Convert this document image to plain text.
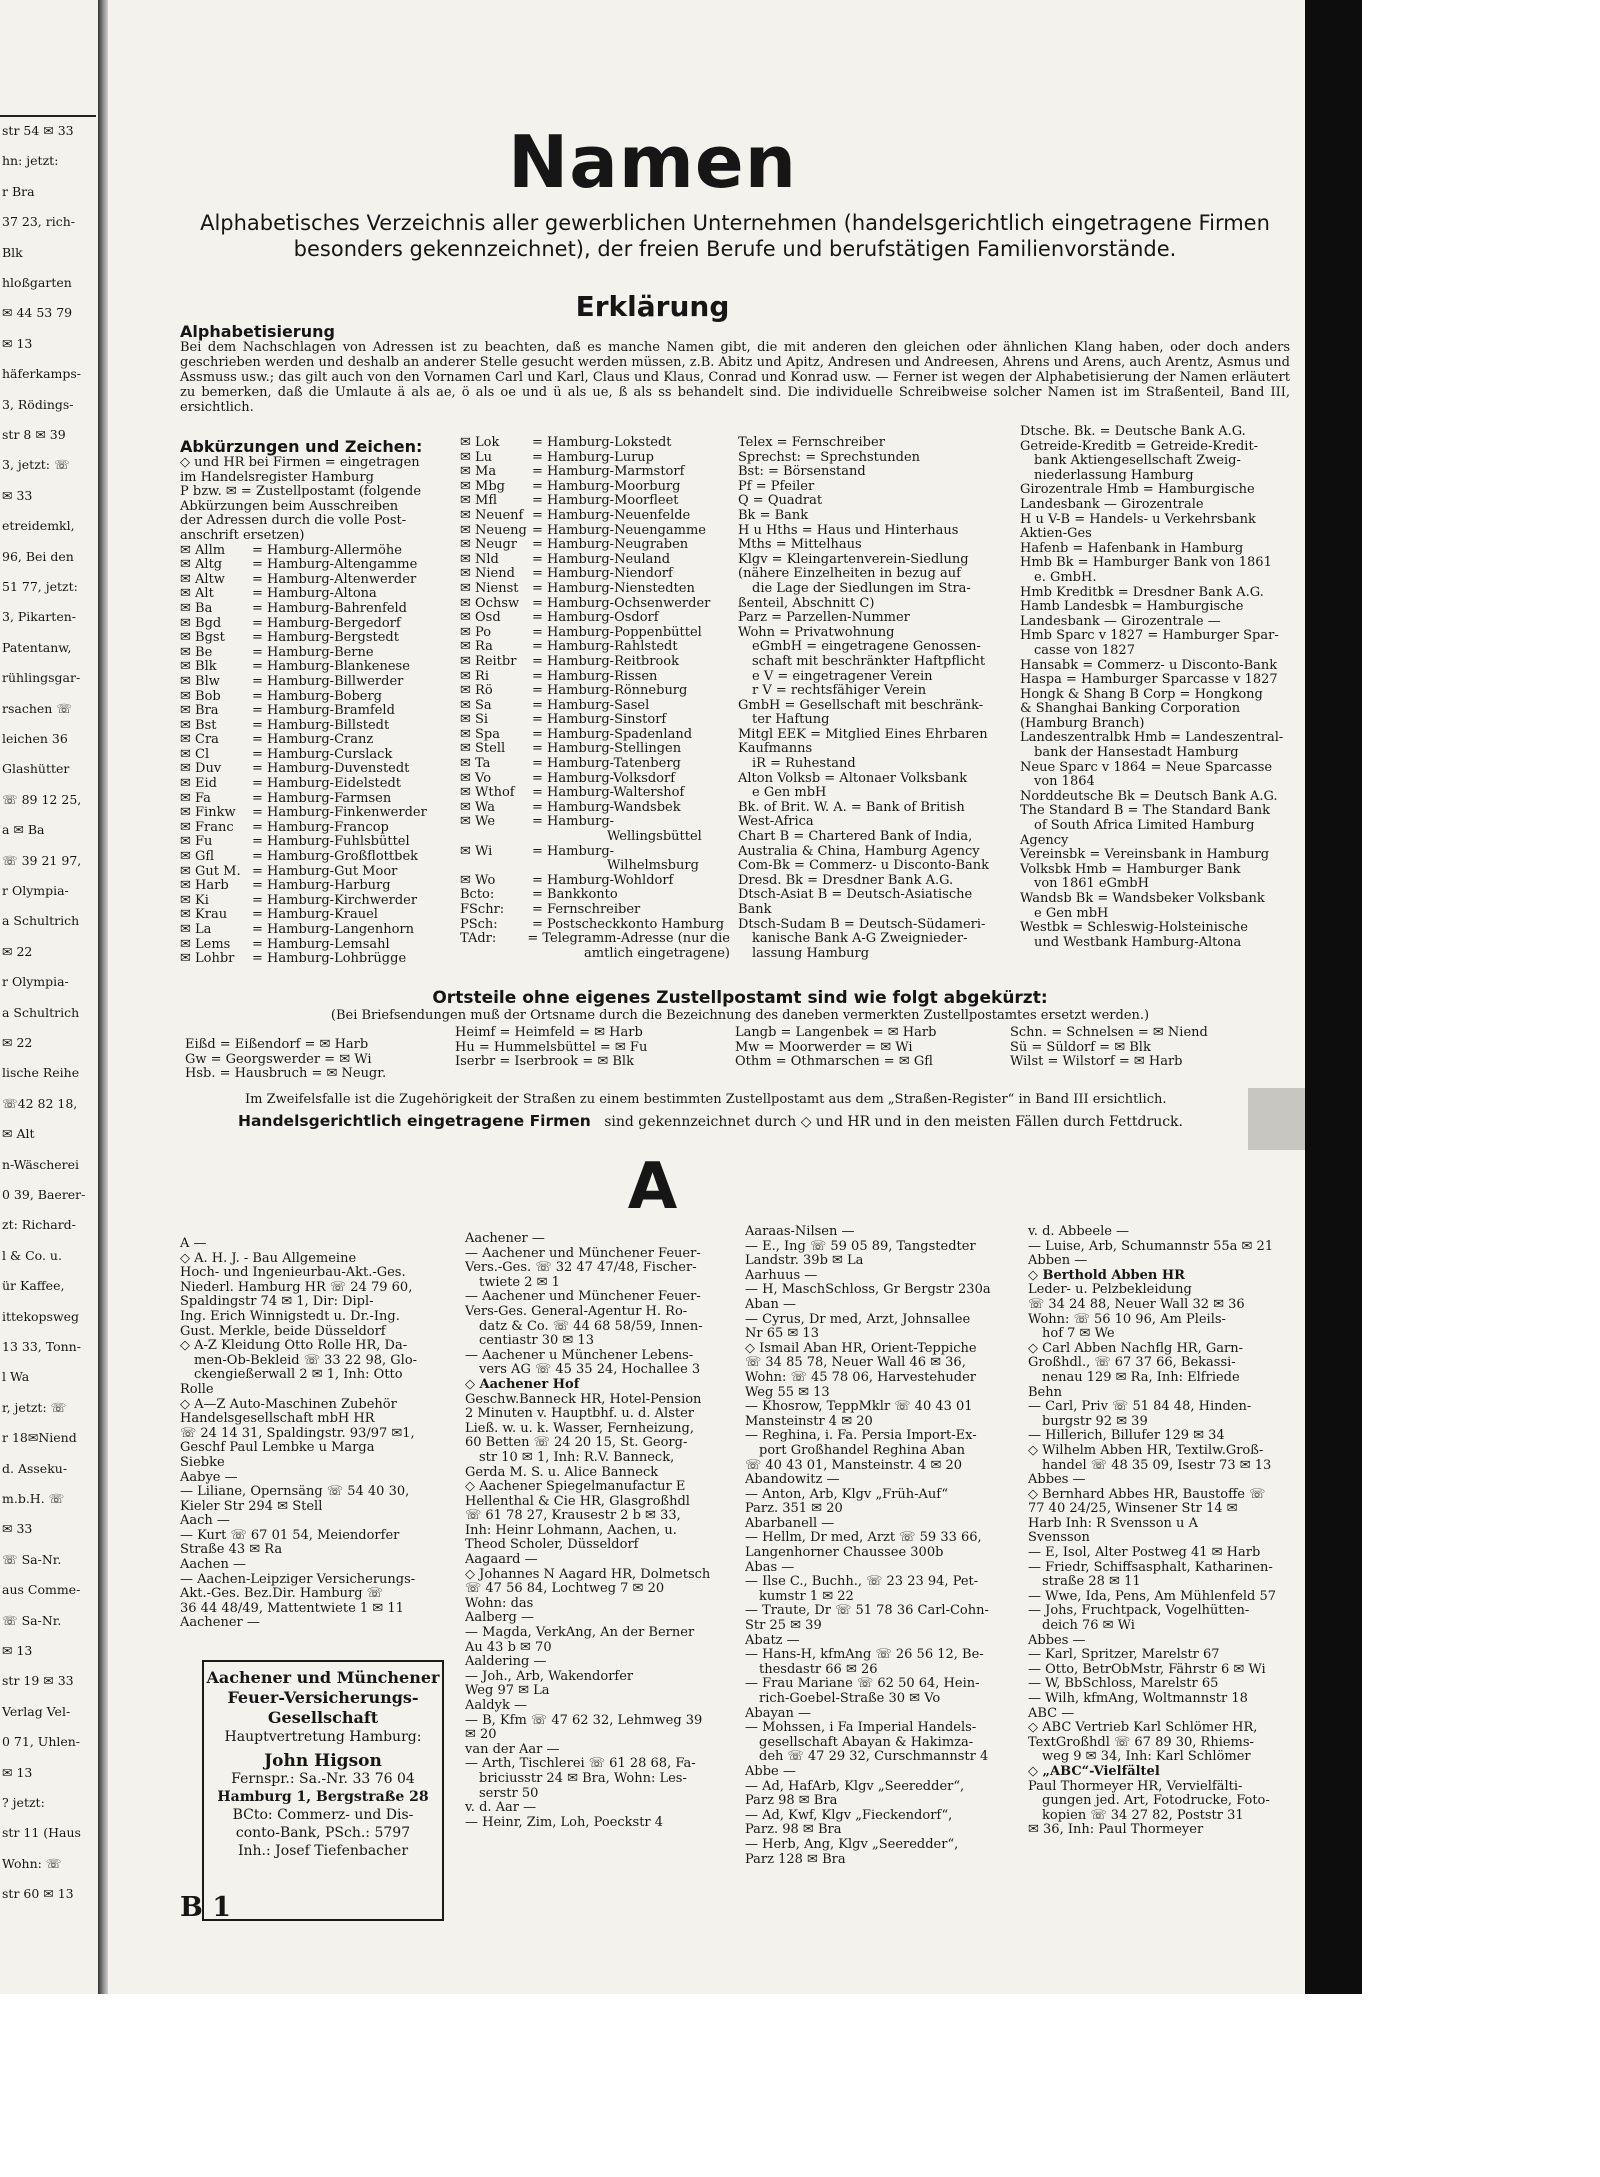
str 54 ✉ 33
hn: jetzt:
r Bra
37 23, rich-
Blk
hloßgarten
✉ 44 53 79
✉ 13
häferkamps-
3, Rödings-
str 8 ✉ 39
3, jetzt: ☏
✉ 33
etreidemkl,
96, Bei den
51 77, jetzt:
3, Pikarten-
Patentanw,
rühlingsgar-
rsachen ☏
leichen 36
Glashütter
☏ 89 12 25,
a ✉ Ba
☏ 39 21 97,
r Olympia-
a Schultrich
✉ 22
r Olympia-
a Schultrich
✉ 22
lische Reihe
☏42 82 18,
✉ Alt
n-Wäscherei
0 39, Baerer-
zt: Richard-
l & Co. u.
ür Kaffee,
ittekopsweg
13 33, Tonn-
l Wa
r, jetzt: ☏
r 18✉Niend
d. Assеku-
m.b.H. ☏
✉ 33
☏ Sa-Nr.
aus Comme-
☏ Sa-Nr.
✉ 13
str 19 ✉ 33
Verlag Vel-
0 71, Uhlen-
✉ 13
? jetzt:
str 11 (Haus
Wohn: ☏
str 60 ✉ 13
Namen
Alphabetisches Verzeichnis aller gewerblichen Unternehmen (handelsgerichtlich eingetragene Firmen besonders gekennzeichnet), der freien Berufe und berufstätigen Familienvorstände.
Erklärung
Alphabetisierung
Bei dem Nachschlagen von Adressen ist zu beachten, daß es manche Namen gibt, die mit anderen den gleichen oder ähnlichen Klang haben, oder doch anders geschrieben werden und deshalb an anderer Stelle gesucht werden müssen, z.B. Abitz und Apitz, Andresen und Andreesen, Ahrens und Arens, auch Arentz, Asmus und Assmuss usw.; das gilt auch von den Vornamen Carl und Karl, Claus und Klaus, Conrad und Konrad usw. — Ferner ist wegen der Alphabetisierung der Namen erläutert zu bemerken, daß die Umlaute ä als ae, ö als oe und ü als ue, ß als ss behandelt sind. Die individuelle Schreibweise solcher Namen ist im Straßenteil, Band III, ersichtlich.
Abkürzungen und Zeichen:
◇ und HR bei Firmen = eingetragen
im Handelsregister Hamburg
P bzw. ✉ = Zustellpostamt (folgende
Abkürzungen beim Ausschreiben
der Adressen durch die volle Post-
anschrift ersetzen)
✉ Allm	= Hamburg-Allermöhe
✉ Altg	= Hamburg-Altengamme
✉ Altw	= Hamburg-Altenwerder
✉ Alt	= Hamburg-Altona
✉ Ba	= Hamburg-Bahrenfeld
✉ Bgd	= Hamburg-Bergedorf
✉ Bgst	= Hamburg-Bergstedt
✉ Be	= Hamburg-Berne
✉ Blk	= Hamburg-Blankenese
✉ Blw	= Hamburg-Billwerder
✉ Bob	= Hamburg-Boberg
✉ Bra	= Hamburg-Bramfeld
✉ Bst	= Hamburg-Billstedt
✉ Cra	= Hamburg-Cranz
✉ Cl	= Hamburg-Curslack
✉ Duv	= Hamburg-Duvenstedt
✉ Eid	= Hamburg-Eidelstedt
✉ Fa	= Hamburg-Farmsen
✉ Finkw	= Hamburg-Finkenwerder
✉ Franc	= Hamburg-Francop
✉ Fu	= Hamburg-Fuhlsbüttel
✉ Gfl	= Hamburg-Großflottbek
✉ Gut M. = Hamburg-Gut Moor
✉ Harb	= Hamburg-Harburg
✉ Ki	= Hamburg-Kirchwerder
✉ Krau	= Hamburg-Krauel
✉ La	= Hamburg-Langenhorn
✉ Lems	= Hamburg-Lemsahl
✉ Lohbr	= Hamburg-Lohbrügge
✉ Lok	= Hamburg-Lokstedt
✉ Lu	= Hamburg-Lurup
✉ Ma	= Hamburg-Marmstorf
✉ Mbg	= Hamburg-Moorburg
✉ Mfl	= Hamburg-Moorfleet
✉ Neuenf = Hamburg-Neuenfelde
✉ Neueng = Hamburg-Neuengamme
✉ Neugr	= Hamburg-Neugraben
✉ Nld	= Hamburg-Neuland
✉ Niend	= Hamburg-Niendorf
✉ Nienst	= Hamburg-Nienstedten
✉ Ochsw = Hamburg-Ochsenwerder
✉ Osd	= Hamburg-Osdorf
✉ Po	= Hamburg-Poppenbüttel
✉ Ra	= Hamburg-Rahlstedt
✉ Reitbr	= Hamburg-Reitbrook
✉ Ri	= Hamburg-Rissen
✉ Rö	= Hamburg-Rönneburg
✉ Sa	= Hamburg-Sasel
✉ Si	= Hamburg-Sinstorf
✉ Spa	= Hamburg-Spadenland
✉ Stell	= Hamburg-Stellingen
✉ Ta	= Hamburg-Tatenberg
✉ Vo	= Hamburg-Volksdorf
✉ Wthof	= Hamburg-Waltershof
✉ Wa	= Hamburg-Wandsbek
✉ We	= Hamburg-
Wellingsbüttel
✉ Wi	= Hamburg-
Wilhelmsburg
✉ Wo	= Hamburg-Wohldorf
Bcto:	= Bankkonto
FSchr:	= Fernschreiber
PSch:	= Postscheckkonto Hamburg
TAdr:	= Telegramm-Adresse (nur die
amtlich eingetragene)
Telex = Fernschreiber
Sprechst: = Sprechstunden
Bst: = Börsenstand
Pf = Pfeiler
Q = Quadrat
Bk = Bank
H u Hths = Haus und Hinterhaus
Mths = Mittelhaus
Klgv = Kleingartenverein-Siedlung
(nähere Einzelheiten in bezug auf
die Lage der Siedlungen im Stra-
ßenteil, Abschnitt C)
Parz = Parzellen-Nummer
Wohn = Privatwohnung
eGmbH = eingetragene Genossen-
schaft mit beschränkter Haftpflicht
e V = eingetragener Verein
r V = rechtsfähiger Verein
GmbH = Gesellschaft mit beschränk-
ter Haftung
Mitgl EEK = Mitglied Eines Ehrbaren
Kaufmanns
iR = Ruhestand
Alton Volksb = Altonaer Volksbank
e Gen mbH
Bk. of Brit. W. A. = Bank of British
West-Africa
Chart B = Chartered Bank of India,
Australia & China, Hamburg Agency
Com-Bk = Commerz- u Disconto-Bank
Dresd. Bk = Dresdner Bank A.G.
Dtsch-Asiat B = Deutsch-Asiatische
Bank
Dtsch-Sudam B = Deutsch-Südameri-
kanische Bank A-G Zweignieder-
lassung Hamburg
Dtsche. Bk. = Deutsche Bank A.G.
Getreide-Kreditb = Getreide-Kredit-
bank Aktiengesellschaft Zweig-
niederlassung Hamburg
Girozentrale Hmb = Hamburgische
Landesbank — Girozentrale
H u V-B = Handels- u Verkehrsbank
Aktien-Ges
Hafenb = Hafenbank in Hamburg
Hmb Bk = Hamburger Bank von 1861
e. GmbH.
Hmb Kreditbk = Dresdner Bank A.G.
Hamb Landesbk = Hamburgische
Landesbank — Girozentrale —
Hmb Sparc v 1827 = Hamburger Spar-
casse von 1827
Hansabk = Commerz- u Disconto-Bank
Haspa = Hamburger Sparcasse v 1827
Hongk & Shang B Corp = Hongkong
& Shanghai Banking Corporation
(Hamburg Branch)
Landeszentralbk Hmb = Landeszentral-
bank der Hansestadt Hamburg
Neue Sparc v 1864 = Neue Sparcasse
von 1864
Norddeutsche Bk = Deutsch Bank A.G.
The Standard B = The Standard Bank
of South Africa Limited Hamburg
Agency
Vereinsbk = Vereinsbank in Hamburg
Volksbk Hmb = Hamburger Bank
von 1861 eGmbH
Wandsb Bk = Wandsbeker Volksbank
e Gen mbH
Westbk = Schleswig-Holsteinische
und Westbank Hamburg-Altona
Ortsteile ohne eigenes Zustellpostamt sind wie folgt abgekürzt:
(Bei Briefsendungen muß der Ortsname durch die Bezeichnung des daneben vermerkten Zustellpostamtes ersetzt werden.)
Eißd = Eißendorf = ✉ Harb
Gw = Georgswerder = ✉ Wi
Hsb. = Hausbruch = ✉ Neugr.
Heimf = Heimfeld = ✉ Harb
Hu = Hummelsbüttel = ✉ Fu
Iserbr = Iserbrook = ✉ Blk
Langb = Langenbek = ✉ Harb
Mw = Moorwerder = ✉ Wi
Othm = Othmarschen = ✉ Gfl
Schn. = Schnelsen = ✉ Niend
Sü = Süldorf = ✉ Blk
Wilst = Wilstorf = ✉ Harb
Im Zweifelsfalle ist die Zugehörigkeit der Straßen zu einem bestimmten Zustellpostamt aus dem „Straßen-Register“ in Band III ersichtlich.
Handelsgerichtlich eingetragene Firmen sind gekennzeichnet durch ◇ und HR und in den meisten Fällen durch Fettdruck.
A
A —
◇ A. H. J. - Bau Allgemeine
Hoch- und Ingenieurbau-Akt.-Ges.
Niederl. Hamburg HR ☏ 24 79 60,
Spaldingstr 74 ✉ 1, Dir: Dipl-
Ing. Erich Winnigstedt u. Dr.-Ing.
Gust. Merkle, beide Düsseldorf
◇ A-Z Kleidung Otto Rolle HR, Da-
men-Ob-Bekleid ☏ 33 22 98, Glo-
ckengießerwall 2 ✉ 1, Inh: Otto
Rolle
◇ A—Z Auto-Maschinen Zubehör
Handelsgesellschaft mbH HR
☏ 24 14 31, Spaldingstr. 93/97 ✉1,
Geschf Paul Lembke u Marga
Siebke
Aabye —
— Liliane, Opernsäng ☏ 54 40 30,
Kieler Str 294 ✉ Stell
Aach —
— Kurt ☏ 67 01 54, Meiendorfer
Straße 43 ✉ Ra
Aachen —
— Aachen-Leipziger Versicherungs-
Akt.-Ges. Bez.Dir. Hamburg ☏
36 44 48/49, Mattentwiete 1 ✉ 11
Aachener —
Aachener und Münchener Feuer-Versicherungs-Gesellschaft
Hauptvertretung Hamburg:
John Higson
Fernspr.: Sa.-Nr. 33 76 04
Hamburg 1, Bergstraße 28
BCto: Commerz- und Dis-
conto-Bank, PSch.: 5797
Inh.: Josef Tiefenbacher
Aachener —
— Aachener und Münchener Feuer-
Vers.-Ges. ☏ 32 47 47/48, Fischer-
twiete 2 ✉ 1
— Aachener und Münchener Feuer-
Vers-Ges. General-Agentur H. Ro-
datz & Co. ☏ 44 68 58/59, Innen-
centiastr 30 ✉ 13
— Aachener u Münchener Lebens-
vers AG ☏ 45 35 24, Hochallee 3
◇ Aachener Hof
Geschw.Banneck HR, Hotel-Pension
2 Minuten v. Hauptbhf. u. d. Alster
Ließ. w. u. k. Wasser, Fernheizung,
60 Betten ☏ 24 20 15, St. Georg-
str 10 ✉ 1, Inh: R.V. Banneck,
Gerda M. S. u. Alice Banneck
◇ Aachener Spiegelmanufactur E
Hellenthal & Cie HR, Glasgroßhdl
☏ 61 78 27, Krausestr 2 b ✉ 33,
Inh: Heinr Lohmann, Aachen, u.
Theod Scholer, Düsseldorf
Aagaard —
◇ Johannes N Aagard HR, Dolmetsch
☏ 47 56 84, Lochtweg 7 ✉ 20
Wohn: das
Aalberg —
— Magda, VerkAng, An der Berner
Au 43 b ✉ 70
Aaldering —
— Joh., Arb, Wakendorfer
Weg 97 ✉ La
Aaldyk —
— B, Kfm ☏ 47 62 32, Lehmweg 39
✉ 20
van der Aar —
— Arth, Tischlerei ☏ 61 28 68, Fa-
briciusstr 24 ✉ Bra, Wohn: Les-
serstr 50
v. d. Aar —
— Heinr, Zim, Loh, Poeckstr 4
Aaraas-Nilsen —
— E., Ing ☏ 59 05 89, Tangstedter
Landstr. 39b ✉ La
Aarhuus —
— H, MaschSchloss, Gr Bergstr 230a
Aban —
— Cyrus, Dr med, Arzt, Johnsallee
Nr 65 ✉ 13
◇ Ismail Aban HR, Orient-Teppiche
☏ 34 85 78, Neuer Wall 46 ✉ 36,
Wohn: ☏ 45 78 06, Harvestehuder
Weg 55 ✉ 13
— Khosrow, TeppMklr ☏ 40 43 01
Mansteinstr 4 ✉ 20
— Reghina, i. Fa. Persia Import-Ex-
port Großhandel Reghina Aban
☏ 40 43 01, Mansteinstr. 4 ✉ 20
Abandowitz —
— Anton, Arb, Klgv „Früh-Auf“
Parz. 351 ✉ 20
Abarbanell —
— Hellm, Dr med, Arzt ☏ 59 33 66,
Langenhorner Chaussee 300b
Abas —
— Ilse C., Buchh., ☏ 23 23 94, Pet-
kumstr 1 ✉ 22
— Traute, Dr ☏ 51 78 36 Carl-Cohn-
Str 25 ✉ 39
Abatz —
— Hans-H, kfmAng ☏ 26 56 12, Be-
thesdastr 66 ✉ 26
— Frau Mariane ☏ 62 50 64, Hein-
rich-Goebel-Straße 30 ✉ Vo
Abayan —
— Mohssen, i Fa Imperial Handels-
gesellschaft Abayan & Hakimza-
deh ☏ 47 29 32, Curschmannstr 4
Abbe —
— Ad, HafArb, Klgv „Seeredder“,
Parz 98 ✉ Bra
— Ad, Kwf, Klgv „Fieckendorf“,
Parz. 98 ✉ Bra
— Herb, Ang, Klgv „Seeredder“,
Parz 128 ✉ Bra
v. d. Abbeele —
— Luise, Arb, Schumannstr 55a ✉ 21
Abben —
◇ Berthold Abben HR
Leder- u. Pelzbekleidung
☏ 34 24 88, Neuer Wall 32 ✉ 36
Wohn: ☏ 56 10 96, Am Pleils-
hof 7 ✉ We
◇ Carl Abben Nachflg HR, Garn-
Großhdl., ☏ 67 37 66, Bekassi-
nenau 129 ✉ Ra, Inh: Elfriede
Behn
— Carl, Priv ☏ 51 84 48, Hinden-
burgstr 92 ✉ 39
— Hillerich, Billufer 129 ✉ 34
◇ Wilhelm Abben HR, Textilw.Groß-
handel ☏ 48 35 09, Isestr 73 ✉ 13
Abbes —
◇ Bernhard Abbes HR, Baustoffe ☏
77 40 24/25, Winsener Str 14 ✉
Harb Inh: R Svensson u A
Svensson
— E, Isol, Alter Postweg 41 ✉ Harb
— Friedr, Schiffsasphalt, Katharinen-
straße 28 ✉ 11
— Wwe, Ida, Pens, Am Mühlenfeld 57
— Johs, Fruchtpack, Vogelhütten-
deich 76 ✉ Wi
Abbes —
— Karl, Spritzer, Marelstr 67
— Otto, BetrObMstr, Fährstr 6 ✉ Wi
— W, BbSchloss, Marelstr 65
— Wilh, kfmAng, Woltmannstr 18
ABC —
◇ ABC Vertrieb Karl Schlömer HR,
TextGroßhdl ☏ 67 89 30, Rhiems-
weg 9 ✉ 34, Inh: Karl Schlömer
◇ „ABC“-Vielfältel
Paul Thormeyer HR, Vervielfälti-
gungen jed. Art, Fotodrucke, Foto-
kopien ☏ 34 27 82, Poststr 31
✉ 36, Inh: Paul Thormeyer
B 1
